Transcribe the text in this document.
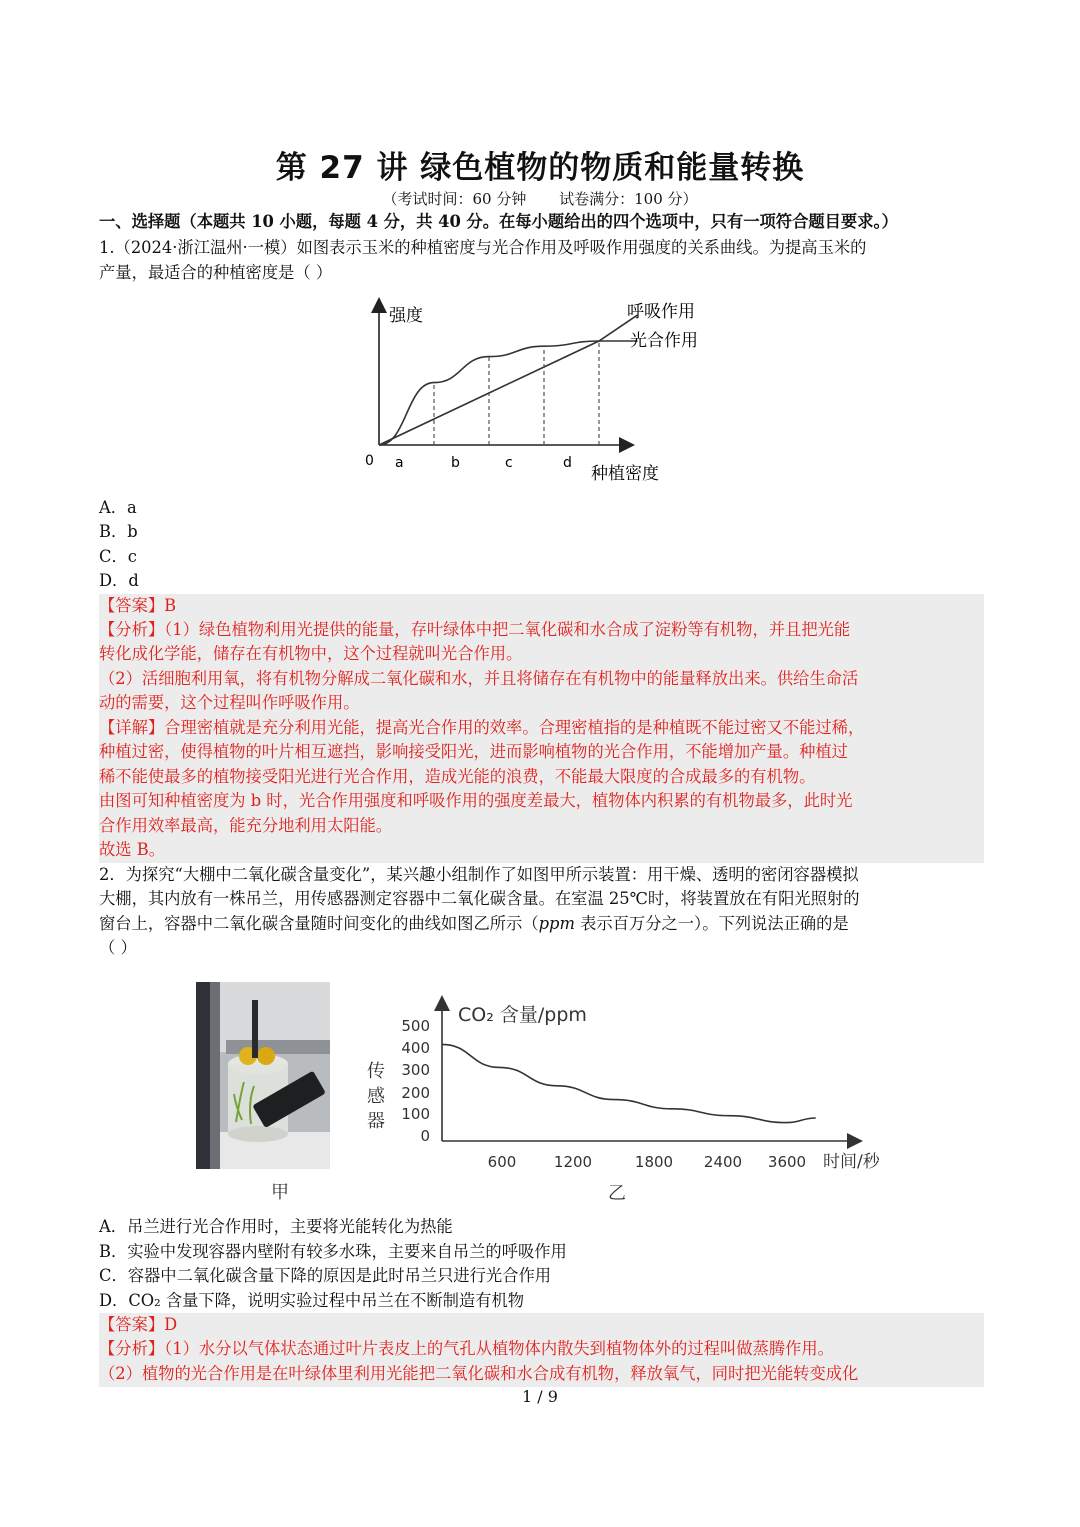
第 27 讲 绿色植物的物质和能量转换
（考试时间：60 分钟 试卷满分：100 分）
一、选择题（本题共 10 小题，每题 4 分，共 40 分。在每小题给出的四个选项中，只有一项符合题目要求。）
1.（2024·浙江温州·一模）如图表示玉米的种植密度与光合作用及呼吸作用强度的关系曲线。为提高玉米的
产量，最适合的种植密度是（ ）
强度
种植密度
0 a	b	c	d
呼吸作用
光合作用
A．a
B．b
C．c
D．d
【答案】B
【分析】（1）绿色植物利用光提供的能量，存叶绿体中把二氧化碳和水合成了淀粉等有机物，并且把光能
转化成化学能，储存在有机物中，这个过程就叫光合作用。
（2）活细胞利用氧，将有机物分解成二氧化碳和水，并且将储存在有机物中的能量释放出来。供给生命活
动的需要，这个过程叫作呼吸作用。
【详解】合理密植就是充分利用光能，提高光合作用的效率。合理密植指的是种植既不能过密又不能过稀，
种植过密，使得植物的叶片相互遮挡，影响接受阳光，进而影响植物的光合作用，不能增加产量。种植过
稀不能使最多的植物接受阳光进行光合作用，造成光能的浪费，不能最大限度的合成最多的有机物。
由图可知种植密度为 b 时，光合作用强度和呼吸作用的强度差最大，植物体内积累的有机物最多，此时光
合作用效率最高，能充分地利用太阳能。
故选 B。
2．为探究“大棚中二氧化碳含量变化”，某兴趣小组制作了如图甲所示装置：用干燥、透明的密闭容器模拟
大棚，其内放有一株吊兰，用传感器测定容器中二氧化碳含量。在室温 25℃时，将装置放在有阳光照射的
窗台上，容器中二氧化碳含量随时间变化的曲线如图乙所示（ppm 表示百万分之一）。下列说法正确的是
（ ）
CO₂ 含量/ppm
时间/秒
传
感
器
0
100
200
300
400
500
600	1200	1800 2400 3600
乙
甲
A．吊兰进行光合作用时，主要将光能转化为热能
B．实验中发现容器内壁附有较多水珠，主要来自吊兰的呼吸作用
C．容器中二氧化碳含量下降的原因是此时吊兰只进行光合作用
D．CO₂ 含量下降，说明实验过程中吊兰在不断制造有机物
【答案】D
【分析】（1）水分以气体状态通过叶片表皮上的气孔从植物体内散失到植物体外的过程叫做蒸腾作用。
（2）植物的光合作用是在叶绿体里利用光能把二氧化碳和水合成有机物，释放氧气，同时把光能转变成化
1 / 9
